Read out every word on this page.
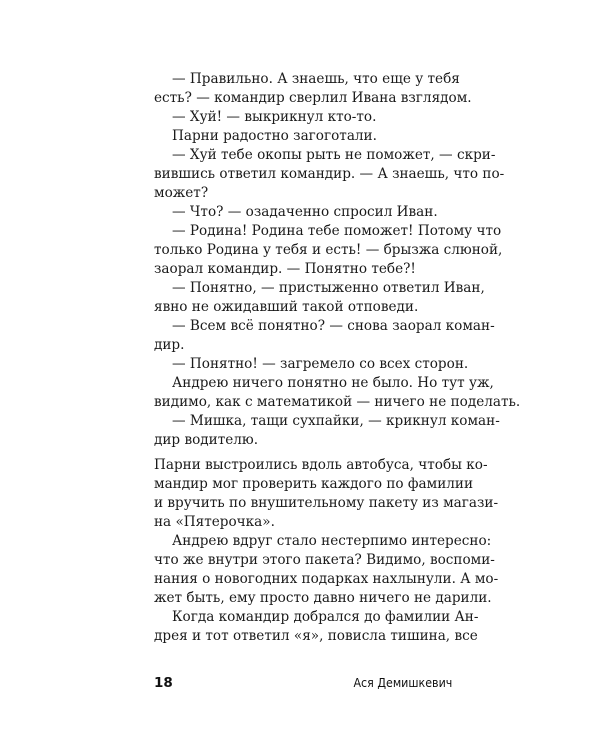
— Правильно. А знаешь, что еще у тебя
есть? — командир сверлил Ивана взглядом.
— Хуй! — выкрикнул кто-то.
Парни радостно загоготали.
— Хуй тебе окопы рыть не поможет, — скри-
вившись ответил командир. — А знаешь, что по-
может?
— Что? — озадаченно спросил Иван.
— Родина! Родина тебе поможет! Потому что
только Родина у тебя и есть! — брызжа слюной,
заорал командир. — Понятно тебе?!
— Понятно, — пристыженно ответил Иван,
явно не ожидавший такой отповеди.
— Всем всё понятно? — снова заорал коман-
дир.
— Понятно! — загремело со всех сторон.
Андрею ничего понятно не было. Но тут уж,
видимо, как с математикой — ничего не поделать.
— Мишка, тащи сухпайки, — крикнул коман-
дир водителю.
Парни выстроились вдоль автобуса, чтобы ко-
мандир мог проверить каждого по фамилии
и вручить по внушительному пакету из магази-
на «Пятерочка».
Андрею вдруг стало нестерпимо интересно:
что же внутри этого пакета? Видимо, воспоми-
нания о новогодних подарках нахлынули. А мо-
жет быть, ему просто давно ничего не дарили.
Когда командир добрался до фамилии Ан-
дрея и тот ответил «я», повисла тишина, все
18	Ася Демишкевич
